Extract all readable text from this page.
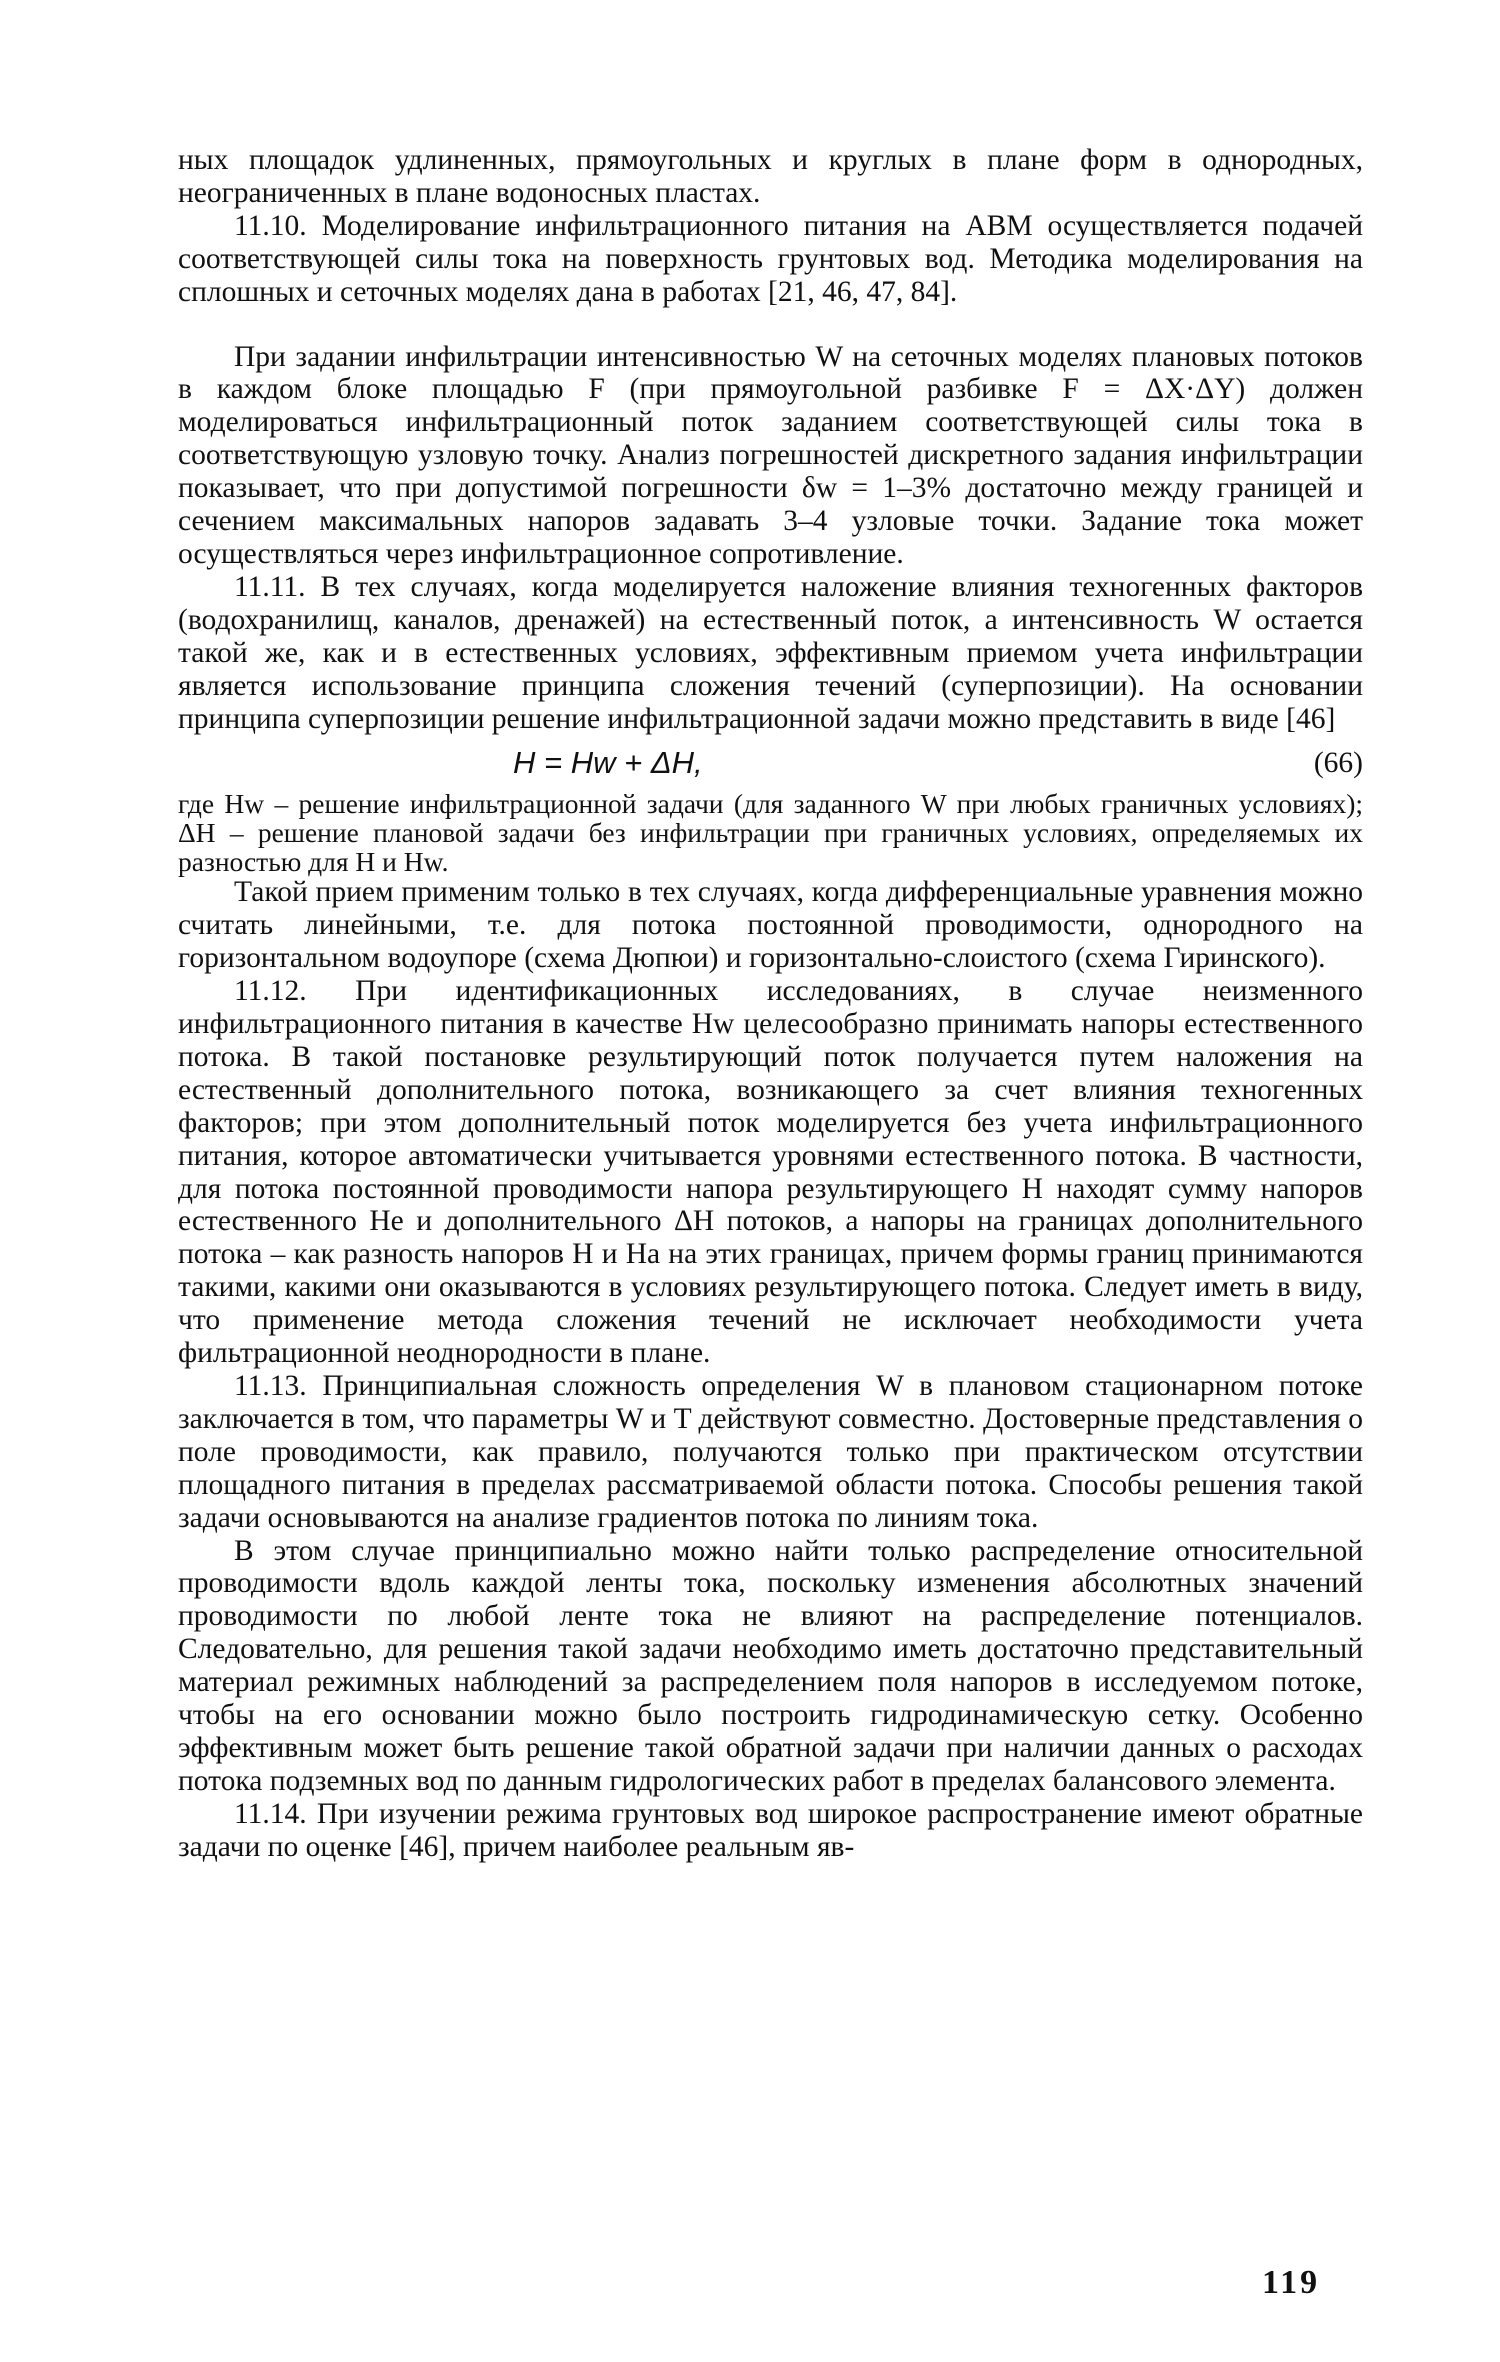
ных площадок удлиненных, прямоугольных и круглых в плане форм в однородных, неограниченных в плане водоносных пластах.

11.10. Моделирование инфильтрационного питания на АВМ осуществляется подачей соответствующей силы тока на поверхность грунтовых вод. Методика моделирования на сплошных и сеточных моделях дана в работах [21, 46, 47, 84].

При задании инфильтрации интенсивностью W на сеточных моделях плановых потоков в каждом блоке площадью F (при прямоугольной разбивке F = ΔX·ΔY) должен моделироваться инфильтрационный поток заданием соответствующей силы тока в соответствующую узловую точку. Анализ погрешностей дискретного задания инфильтрации показывает, что при допустимой погрешности δw = 1–3% достаточно между границей и сечением максимальных напоров задавать 3–4 узловые точки. Задание тока может осуществляться через инфильтрационное сопротивление.

11.11. В тех случаях, когда моделируется наложение влияния техногенных факторов (водохранилищ, каналов, дренажей) на естественный поток, а интенсивность W остается такой же, как и в естественных условиях, эффективным приемом учета инфильтрации является использование принципа сложения течений (суперпозиции). На основании принципа суперпозиции решение инфильтрационной задачи можно представить в виде [46]

H = Hw + ΔH,	(66)

где Hw – решение инфильтрационной задачи (для заданного W при любых граничных условиях); ΔH – решение плановой задачи без инфильтрации при граничных условиях, определяемых их разностью для H и Hw.

Такой прием применим только в тех случаях, когда дифференциальные уравнения можно считать линейными, т.е. для потока постоянной проводимости, однородного на горизонтальном водоупоре (схема Дюпюи) и горизонтально-слоистого (схема Гиринского).

11.12. При идентификационных исследованиях, в случае неизменного инфильтрационного питания в качестве Hw целесообразно принимать напоры естественного потока. В такой постановке результирующий поток получается путем наложения на естественный дополнительного потока, возникающего за счет влияния техногенных факторов; при этом дополнительный поток моделируется без учета инфильтрационного питания, которое автоматически учитывается уровнями естественного потока. В частности, для потока постоянной проводимости напора результирующего H находят сумму напоров естественного He и дополнительного ΔH потоков, а напоры на границах дополнительного потока – как разность напоров H и Ha на этих границах, причем формы границ принимаются такими, какими они оказываются в условиях результирующего потока. Следует иметь в виду, что применение метода сложения течений не исключает необходимости учета фильтрационной неоднородности в плане.

11.13. Принципиальная сложность определения W в плановом стационарном потоке заключается в том, что параметры W и T действуют совместно. Достоверные представления о поле проводимости, как правило, получаются только при практическом отсутствии площадного питания в пределах рассматриваемой области потока. Способы решения такой задачи основываются на анализе градиентов потока по линиям тока.

В этом случае принципиально можно найти только распределение относительной проводимости вдоль каждой ленты тока, поскольку изменения абсолютных значений проводимости по любой ленте тока не влияют на распределение потенциалов. Следовательно, для решения такой задачи необходимо иметь достаточно представительный материал режимных наблюдений за распределением поля напоров в исследуемом потоке, чтобы на его основании можно было построить гидродинамическую сетку. Особенно эффективным может быть решение такой обратной задачи при наличии данных о расходах потока подземных вод по данным гидрологических работ в пределах балансового элемента.

11.14. При изучении режима грунтовых вод широкое распространение имеют обратные задачи по оценке [46], причем наиболее реальным яв-

119
